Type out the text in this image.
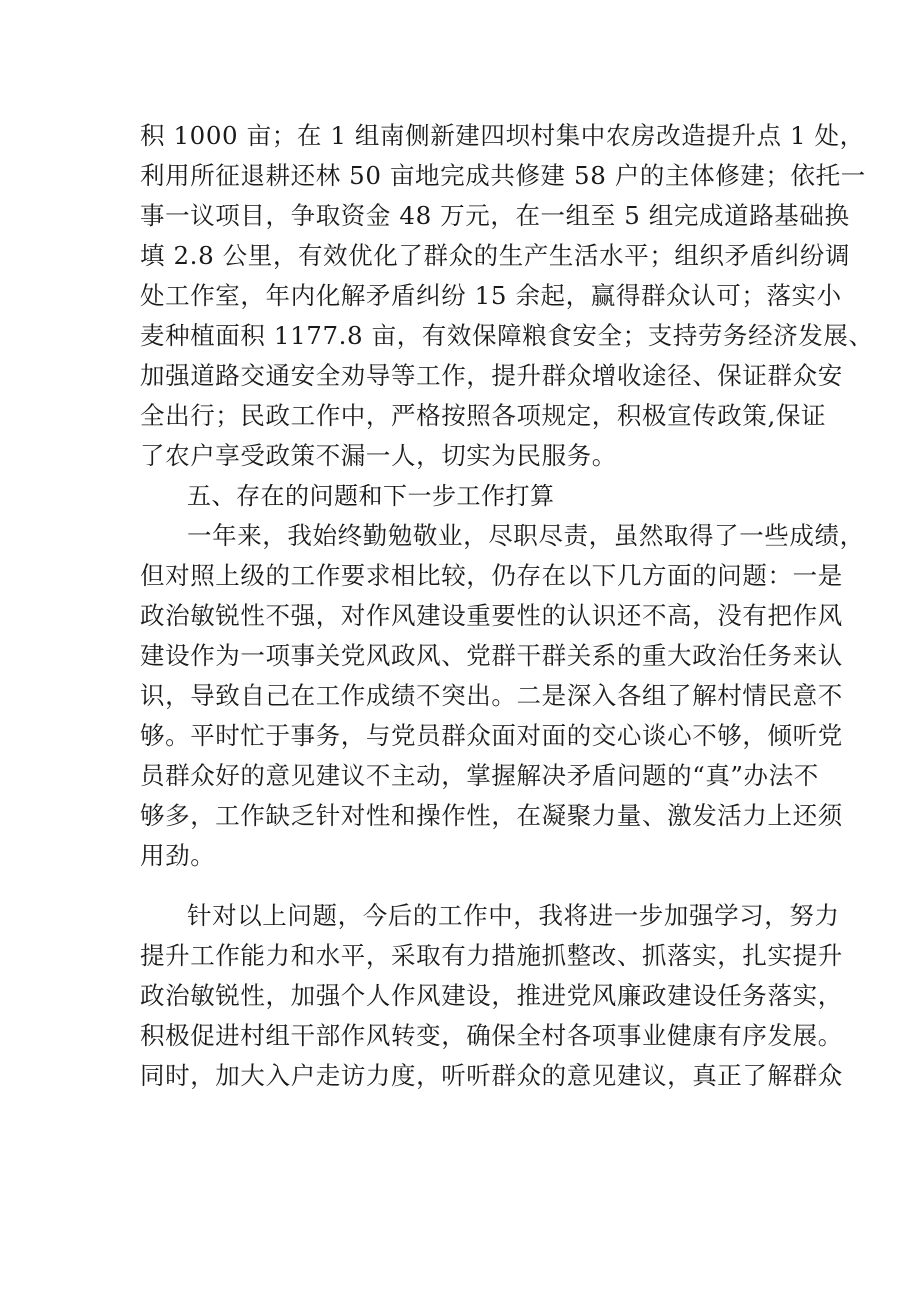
积 1000 亩；在 1 组南侧新建四坝村集中农房改造提升点 1 处，
利用所征退耕还林 50 亩地完成共修建 58 户的主体修建；依托一
事一议项目，争取资金 48 万元，在一组至 5 组完成道路基础换
填 2.8 公里，有效优化了群众的生产生活水平；组织矛盾纠纷调
处工作室，年内化解矛盾纠纷 15 余起，赢得群众认可；落实小
麦种植面积 1177.8 亩，有效保障粮食安全；支持劳务经济发展、
加强道路交通安全劝导等工作，提升群众增收途径、保证群众安
全出行；民政工作中，严格按照各项规定，积极宣传政策,保证
了农户享受政策不漏一人，切实为民服务。
五、存在的问题和下一步工作打算
一年来，我始终勤勉敬业，尽职尽责，虽然取得了一些成绩，
但对照上级的工作要求相比较，仍存在以下几方面的问题：一是
政治敏锐性不强，对作风建设重要性的认识还不高，没有把作风
建设作为一项事关党风政风、党群干群关系的重大政治任务来认
识，导致自己在工作成绩不突出。二是深入各组了解村情民意不
够。平时忙于事务，与党员群众面对面的交心谈心不够，倾听党
员群众好的意见建议不主动，掌握解决矛盾问题的“真”办法不
够多，工作缺乏针对性和操作性，在凝聚力量、激发活力上还须
用劲。
针对以上问题，今后的工作中，我将进一步加强学习，努力
提升工作能力和水平，采取有力措施抓整改、抓落实，扎实提升
政治敏锐性，加强个人作风建设，推进党风廉政建设任务落实，
积极促进村组干部作风转变，确保全村各项事业健康有序发展。
同时，加大入户走访力度，听听群众的意见建议，真正了解群众
